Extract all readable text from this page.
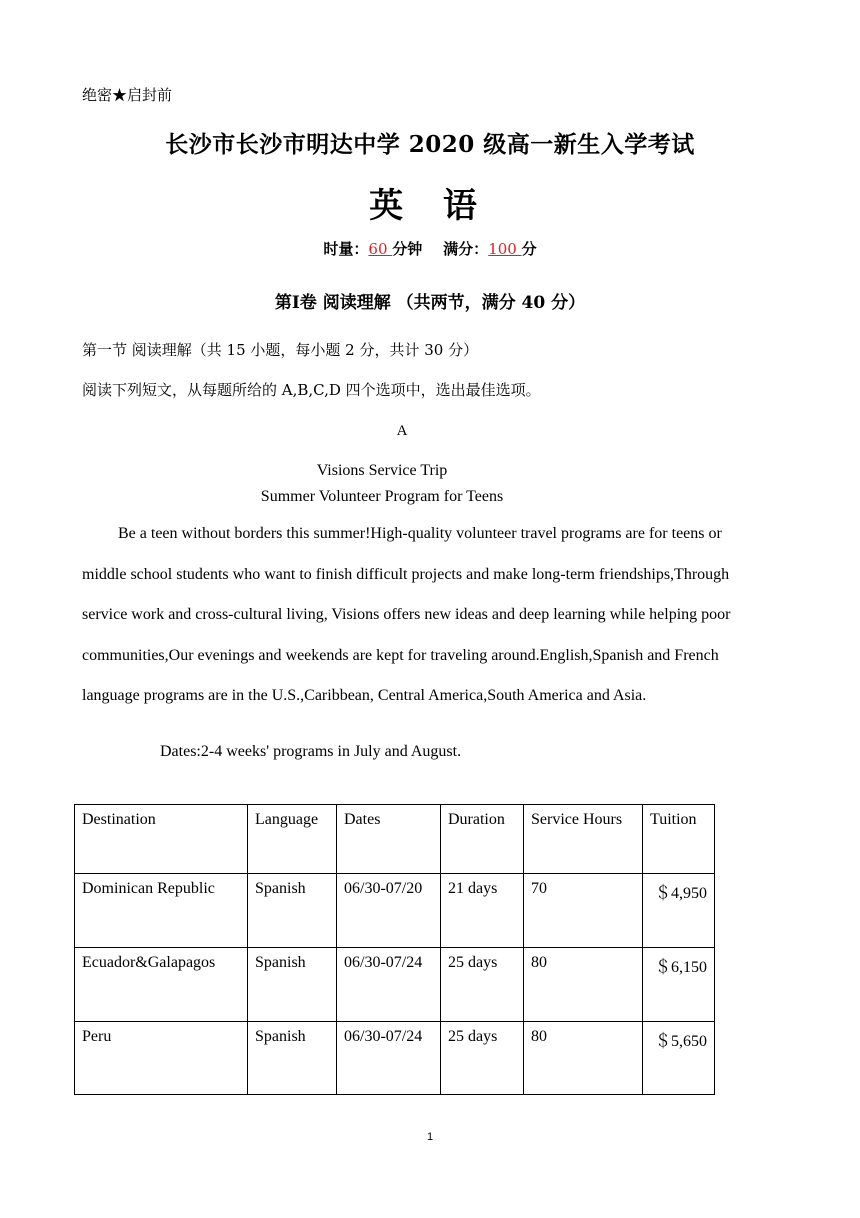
绝密★启封前
长沙市长沙市明达中学 2020 级高一新生入学考试
英 语
时量：60 分钟 满分：100 分
第Ⅰ卷 阅读理解 （共两节，满分 40 分）
第一节 阅读理解（共 15 小题，每小题 2 分，共计 30 分）
阅读下列短文，从每题所给的 A,B,C,D 四个选项中，选出最佳选项。
A
Visions Service Trip
Summer Volunteer Program for Teens

Be a teen without borders this summer!High-quality volunteer travel programs are for teens or middle school students who want to finish difficult projects and make long-term friendships,Through service work and cross-cultural living, Visions offers new ideas and deep learning while helping poor communities,Our evenings and weekends are kept for traveling around.English,Spanish and French language programs are in the U.S.,Caribbean, Central America,South America and Asia.

Dates:2-4 weeks' programs in July and August.
Destination	Language	Dates	Duration	Service Hours	Tuition
Dominican Republic	Spanish	06/30-07/20	21 days	70	＄4,950
Ecuador&Galapagos	Spanish	06/30-07/24	25 days	80	＄6,150
Peru	Spanish	06/30-07/24	25 days	80	＄5,650
1
